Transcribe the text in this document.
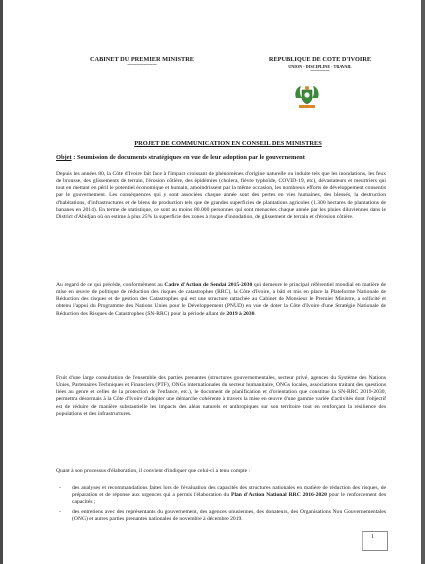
CABINET DU PREMIER MINISTRE
--------------------
REPUBLIQUE DE COTE D'IVOIRE
UNION - DISCIPLINE - TRAVAIL
-------------
PROJET DE COMMUNICATION EN CONSEIL DES MINISTRES
Objet : Soumission de documents stratégiques en vue de leur adoption par le gouvernement
Depuis les années 80, la Côte d'Ivoire fait face à l'impact croissant de phénomènes d'origine naturelle ou induite tels que les inondations, les feux de brousse, des glissements de terrain, l'érosion côtière, des épidémies (cholera, fièvre typhoïde, COVID-19, etc), dévastateurs et meurtriers qui tout en mettant en péril le potentiel économique et humain, amoindrissent par la même occasion, les nombreux efforts de développement consentis par le gouvernement. Les conséquences qui y sont associées chaque année sont des pertes en vies humaines, des blessés, la destruction d'habitations, d'infrastructures et de biens de production tels que de grandes superficies de plantations agricoles (1.300 hectares de plantations de bananes en 2014). En terme de statistique, ce sont au moins 80.000 personnes qui sont menacées chaque année par les pluies diluviennes dans le District d'Abidjan où on estime à plus 25% la superficie des zones à risque d'inondation, de glissement de terrain et d'érosion côtière.
Au regard de ce qui précède, conformément au Cadre d'Action de Sendai 2015-2030 qui demeure le principal référentiel mondial en matière de mise en œuvre de politique de réduction des risques de catastrophes (RRC), la Côte d'Ivoire, a bâti et mis en place la Plateforme Nationale de Réduction des risques et de gestion des Catastrophes qui est une structure rattachée au Cabinet de Monsieur le Premier Ministre, a sollicité et obtenu l'appui du Programme des Nations Unies pour le Développement (PNUD) en vue de doter la Côte d'Ivoire d'une Stratégie Nationale de Réduction des Risques de Catastrophes (SN-RRC) pour la période allant de 2019 à 2030.
Fruit d'une large consultation de l'ensemble des parties prenantes (structures gouvernementales, secteur privé, agences du Système des Nations Unies, Partenaires Techniques et Financiers (PTF), ONGs internationales du secteur humanitaire, ONGs locales, associations traitant des questions liées au genre et celles de la protection de l'enfance, etc.), le document de planification et d'orientation que constitue la SN-RRC 2019-2030, permettra désormais à la Côte d'Ivoire d'adopter une démarche cohérente à travers la mise en œuvre d'une gamme variée d'activités dont l'objectif est de réduire de manière substantielle les impacts des aléas naturels et anthropiques sur son territoire tout en renforçant la résilience des populations et des infrastructures.
Quant à son processus d'élaboration, il convient d'indiquer que celui-ci a tenu compte :
- des analyses et recommandations faites lors de l'évaluation des capacités des structures nationales en matière de réduction des risques, de préparation et de réponse aux urgences qui a permis l'élaboration du Plan d'Action National RRC 2016-2020 pour le renforcement des capacités ;
- des entretiens avec des représentants du gouvernement, des agences onusiennes, des donateurs, des Organisations Non Gouvernementales (ONG) et autres parties prenantes nationales de novembre à décembre 2019.
1
